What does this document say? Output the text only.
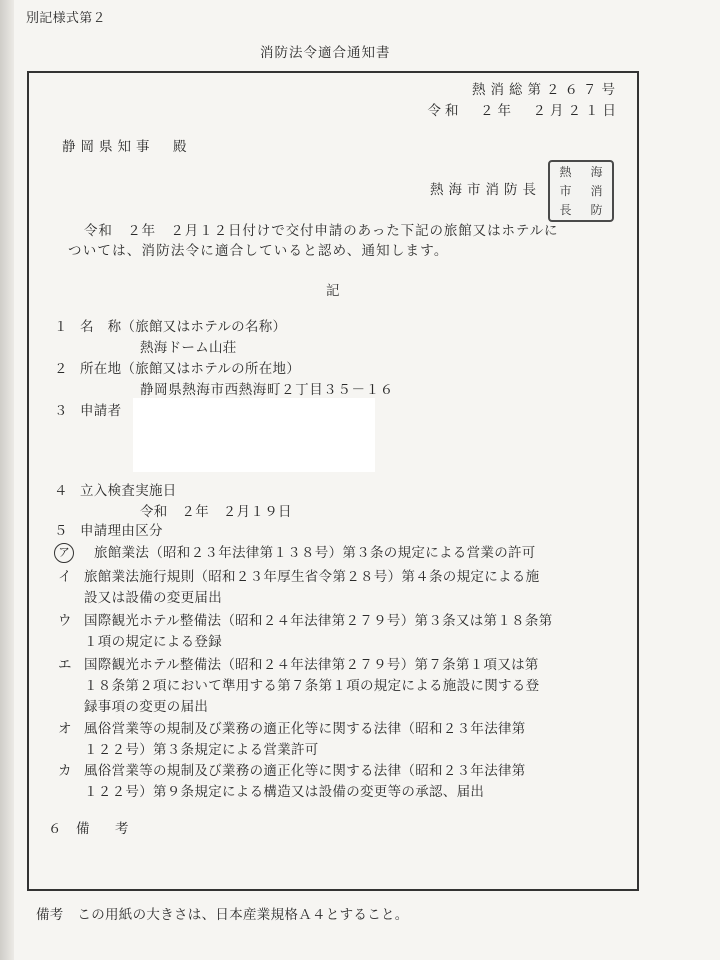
別記様式第２
消防法令適合通知書
熱消総第２６７号
令和　２年　２月２１日
静岡県知事　殿
熱 海
市 消
長 防
熱海市消防長
令和　２年　２月１２日付けで交付申請のあった下記の旅館又はホテルに
ついては、消防法令に適合していると認め、通知します。
記
１ 名　称（旅館又はホテルの名称）
熱海ドーム山荘
２ 所在地（旅館又はホテルの所在地）
静岡県熱海市西熱海町２丁目３５－１６
３ 申請者
４ 立入検査実施日
令和　２年　２月１９日
５ 申請理由区分
ア	旅館業法（昭和２３年法律第１３８号）第３条の規定による営業の許可
イ 旅館業法施行規則（昭和２３年厚生省令第２８号）第４条の規定による施
設又は設備の変更届出
ウ 国際観光ホテル整備法（昭和２４年法律第２７９号）第３条又は第１８条第
１項の規定による登録
エ 国際観光ホテル整備法（昭和２４年法律第２７９号）第７条第１項又は第
１８条第２項において準用する第７条第１項の規定による施設に関する登
録事項の変更の届出
オ 風俗営業等の規制及び業務の適正化等に関する法律（昭和２３年法律第
１２２号）第３条規定による営業許可
カ 風俗営業等の規制及び業務の適正化等に関する法律（昭和２３年法律第
１２２号）第９条規定による構造又は設備の変更等の承認、届出
６ 備　考
備考　この用紙の大きさは、日本産業規格Ａ４とすること。
